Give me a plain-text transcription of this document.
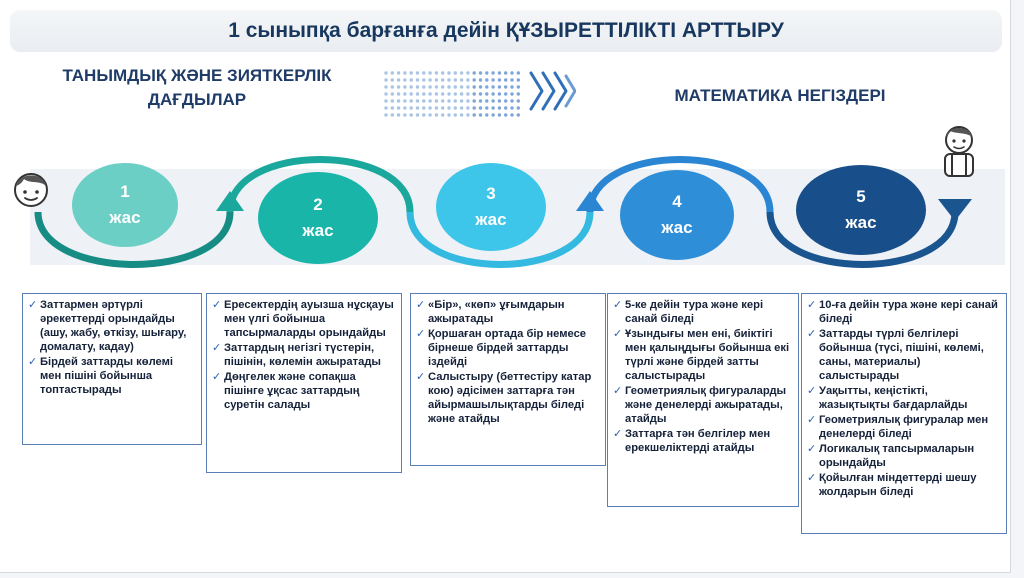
1 сыныпқа барғанға дейін ҚҰЗЫРЕТТІЛІКТІ АРТТЫРУ
ТАНЫМДЫҚ ЖӘНЕ ЗИЯТКЕРЛІК ДАҒДЫЛАР	МАТЕМАТИКА НЕГІЗДЕРІ
1
жас
2
жас
3
жас
4
жас
5
жас
✓ Заттармен әртүрлі әрекеттерді орындайды (ашу, жабу, өткізу, шығару, домалату, кадау)
✓ Бірдей заттарды көлемі мен пішіні бойынша топтастырады
✓ Ересектердің ауызша нұсқауы мен үлгі бойынша тапсырмаларды орындайды
✓ Заттардың негізгі түстерін, пішінін, көлемін ажыратады
✓ Дөңгелек және сопақша пішінге ұқсас заттардың суретін салады
✓ «Бір», «көп» ұғымдарын ажыратады
✓ Қоршаған ортада бір немесе бірнеше бірдей заттарды іздейді
✓ Салыстыру (беттестіру катар кою) әдісімен заттарға тән айырмашылықтарды біледі және атайды
✓ 5-ке дейін тура және кері санай біледі
✓ Ұзындығы мен ені, биіктігі мен қалыңдығы бойынша екі түрлі және бірдей затты салыстырады
✓ Геометриялық фигураларды және денелерді ажыратады, атайды
✓ Заттарға тән белгілер мен ерекшеліктерді атайды
✓ 10-ға дейін тура және кері санай біледі
✓ Заттарды түрлі белгілері бойынша (түсі, пішіні, көлемі, саны, материалы) салыстырады
✓ Уақытты, кеңістікті, жазықтықты бағдарлайды
✓ Геометриялық фигуралар мен денелерді біледі
✓ Логикалық тапсырмаларын орындайды
✓ Қойылған міндеттерді шешу жолдарын біледі
